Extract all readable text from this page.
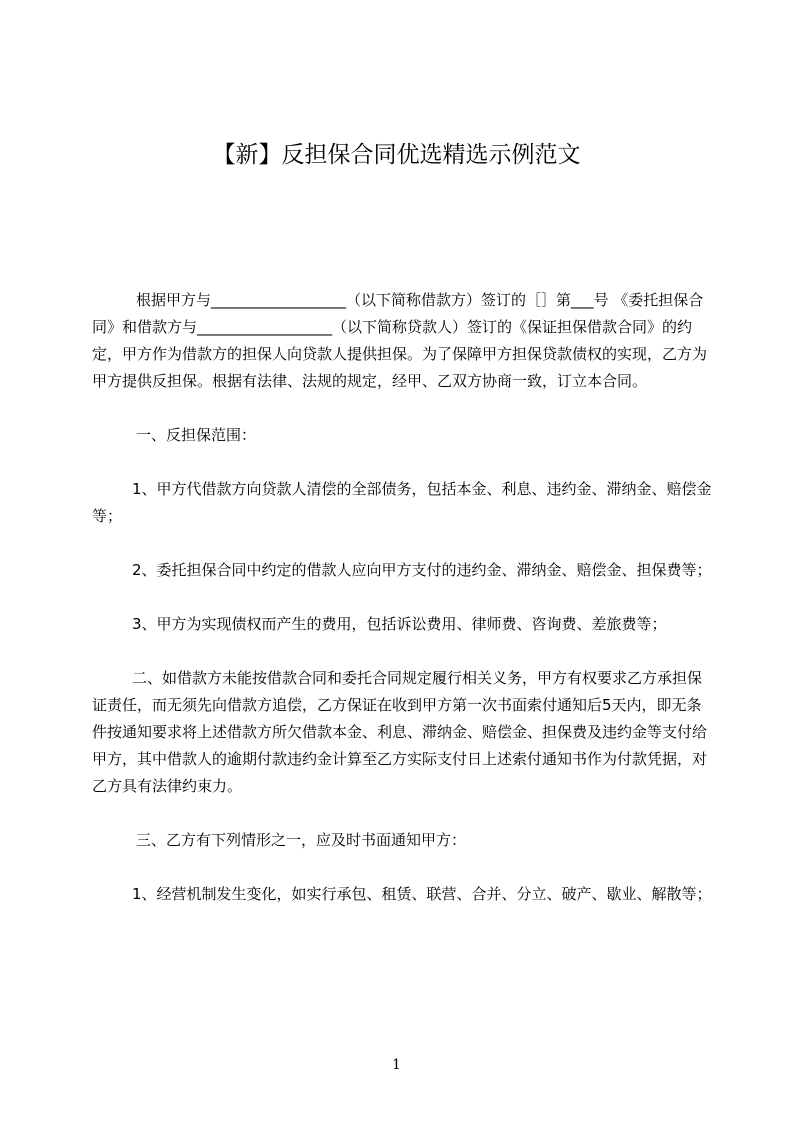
【新】反担保合同优选精选示例范文

根据甲方与__________________（以下简称借款方）签订的［］第___号 《委托担保合同》和借款方与__________________（以下简称贷款人）签订的《保证担保借款合同》的约定，甲方作为借款方的担保人向贷款人提供担保。为了保障甲方担保贷款债权的实现，乙方为甲方提供反担保。根据有法律、法规的规定，经甲、乙双方协商一致，订立本合同。

一、反担保范围：

1、甲方代借款方向贷款人清偿的全部债务，包括本金、利息、违约金、滞纳金、赔偿金等；

2、委托担保合同中约定的借款人应向甲方支付的违约金、滞纳金、赔偿金、担保费等；

3、甲方为实现债权而产生的费用，包括诉讼费用、律师费、咨询费、差旅费等；

二、如借款方未能按借款合同和委托合同规定履行相关义务，甲方有权要求乙方承担保证责任，而无须先向借款方追偿，乙方保证在收到甲方第一次书面索付通知后5天内，即无条件按通知要求将上述借款方所欠借款本金、利息、滞纳金、赔偿金、担保费及违约金等支付给甲方，其中借款人的逾期付款违约金计算至乙方实际支付日上述索付通知书作为付款凭据，对乙方具有法律约束力。

三、乙方有下列情形之一，应及时书面通知甲方：

1、经营机制发生变化，如实行承包、租赁、联营、合并、分立、破产、歇业、解散等；

1
